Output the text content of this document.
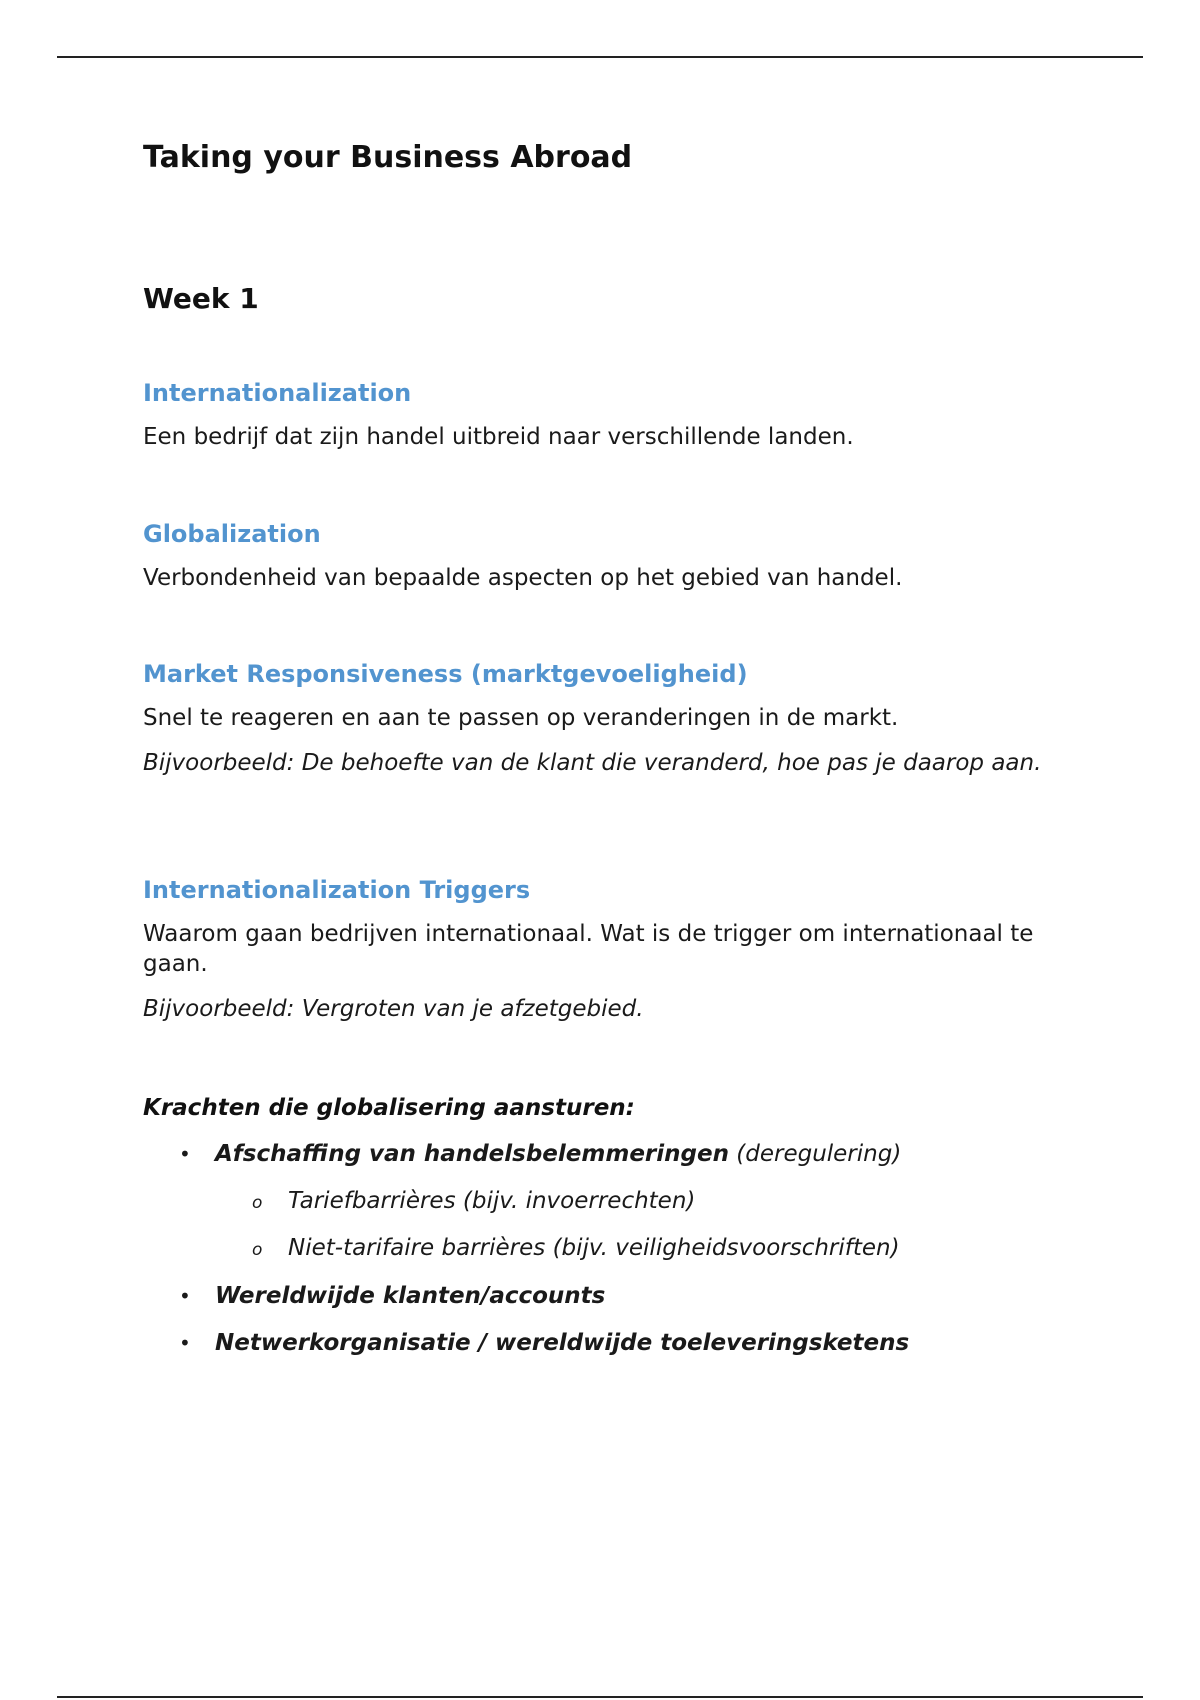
Taking your Business Abroad
Week 1
Internationalization

Een bedrijf dat zijn handel uitbreid naar verschillende landen.

Globalization

Verbondenheid van bepaalde aspecten op het gebied van handel.

Market Responsiveness (marktgevoeligheid)

Snel te reageren en aan te passen op veranderingen in de markt.

Bijvoorbeeld: De behoefte van de klant die veranderd, hoe pas je daarop aan.

Internationalization Triggers

Waarom gaan bedrijven internationaal. Wat is de trigger om internationaal te gaan.

Bijvoorbeeld: Vergroten van je afzetgebied.

Krachten die globalisering aansturen:

• Afschaffing van handelsbelemmeringen (deregulering)
o Tariefbarrières (bijv. invoerrechten)
o Niet-tarifaire barrières (bijv. veiligheidsvoorschriften)
• Wereldwijde klanten/accounts
• Netwerkorganisatie / wereldwijde toeleveringsketens
